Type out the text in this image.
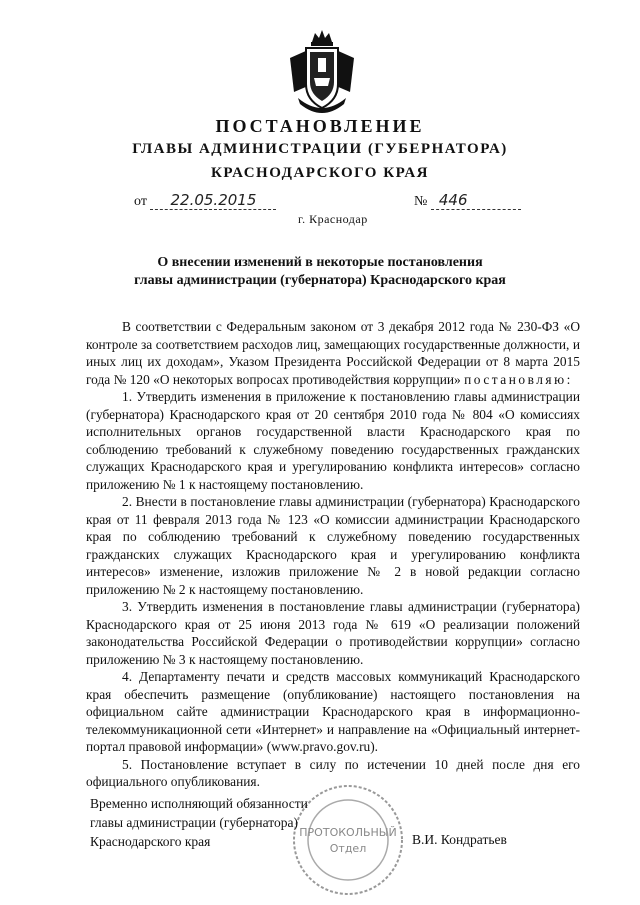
ПОСТАНОВЛЕНИЕ
ГЛАВЫ АДМИНИСТРАЦИИ (ГУБЕРНАТОРА)
КРАСНОДАРСКОГО КРАЯ
от 22.05.2015	№ 446
г. Краснодар
О внесении изменений в некоторые постановления
главы администрации (губернатора) Краснодарского края

В соответствии с Федеральным законом от 3 декабря 2012 года № 230-ФЗ «О контроле за соответствием расходов лиц, замещающих государственные должности, и иных лиц их доходам», Указом Президента Российской Федерации от 8 марта 2015 года № 120 «О некоторых вопросах противодействия коррупции» постановляю:

1. Утвердить изменения в приложение к постановлению главы администрации (губернатора) Краснодарского края от 20 сентября 2010 года № 804 «О комиссиях исполнительных органов государственной власти Краснодарского края по соблюдению требований к служебному поведению государственных гражданских служащих Краснодарского края и урегулированию конфликта интересов» согласно приложению № 1 к настоящему постановлению.

2. Внести в постановление главы администрации (губернатора) Краснодарского края от 11 февраля 2013 года № 123 «О комиссии администрации Краснодарского края по соблюдению требований к служебному поведению государственных гражданских служащих Краснодарского края и урегулированию конфликта интересов» изменение, изложив приложение № 2 в новой редакции согласно приложению № 2 к настоящему постановлению.

3. Утвердить изменения в постановление главы администрации (губернатора) Краснодарского края от 25 июня 2013 года № 619 «О реализации положений законодательства Российской Федерации о противодействии коррупции» согласно приложению № 3 к настоящему постановлению.

4. Департаменту печати и средств массовых коммуникаций Краснодарского края обеспечить размещение (опубликование) настоящего постановления на официальном сайте администрации Краснодарского края в информационно-телекоммуникационной сети «Интернет» и направление на «Официальный интернет-портал правовой информации» (www.pravo.gov.ru).

5. Постановление вступает в силу по истечении 10 дней после дня его официального опубликования.

ПРОТОКОЛЬНЫЙ
Отдел
Временно исполняющий обязанности
главы администрации (губернатора)
Краснодарского края	В.И. Кондратьев
